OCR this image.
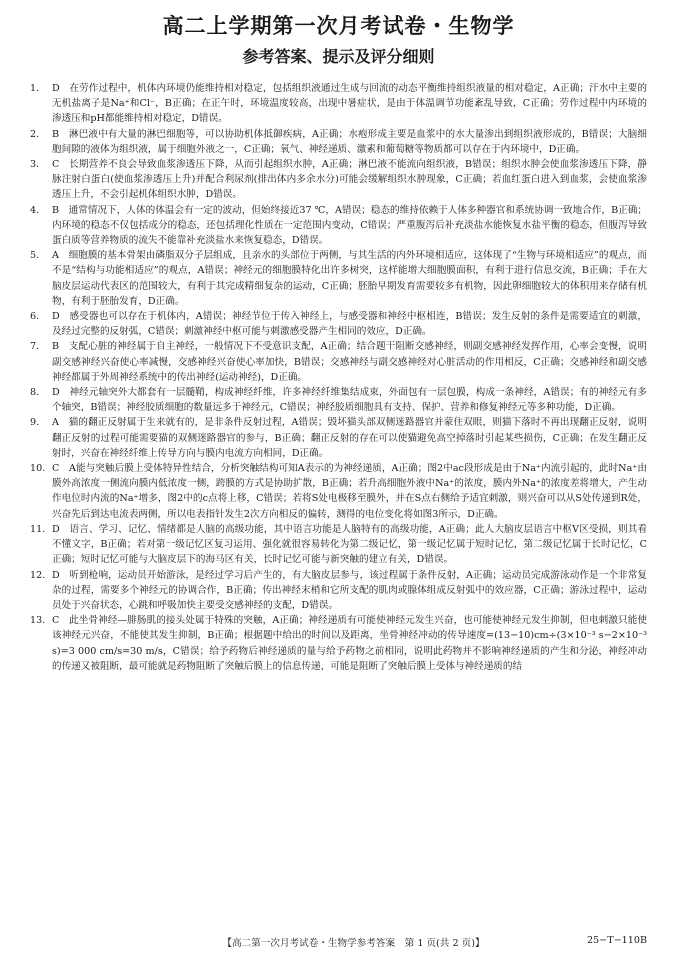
高二上学期第一次月考试卷・生物学
参考答案、提示及评分细则
1.	D　在劳作过程中，机体内环境仍能维持相对稳定，包括组织液通过生成与回流的动态平衡维持组织液量的相对稳定，A正确；汗水中主要的无机盐离子是Na⁺和Cl⁻，B正确；在正午时，环境温度较高，出现中暑症状，是由于体温调节功能紊乱导致，C正确；劳作过程中内环境的渗透压和pH都能维持相对稳定，D错误。
2.	B　淋巴液中有大量的淋巴细胞等，可以协助机体抵御疾病，A正确；水疱形成主要是血浆中的水大量渗出到组织液形成的，B错误；大脑细胞间隙的液体为组织液，属于细胞外液之一，C正确；氧气、神经递质、激素和葡萄糖等物质都可以存在于内环境中，D正确。
3.	C　长期营养不良会导致血浆渗透压下降，从而引起组织水肿，A正确；淋巴液不能流向组织液，B错误；组织水肿会使血浆渗透压下降，静脉注射白蛋白(使血浆渗透压上升)并配合利尿剂(排出体内多余水分)可能会缓解组织水肿现象，C正确；若血红蛋白进入到血浆，会使血浆渗透压上升，不会引起机体组织水肿，D错误。
4.	B　通常情况下，人体的体温会有一定的波动，但始终接近37 ℃，A错误；稳态的维持依赖于人体多种器官和系统协调一致地合作，B正确；内环境的稳态不仅包括成分的稳态，还包括理化性质在一定范围内变动，C错误；严重腹泻后补充淡盐水能恢复水盐平衡的稳态，但腹泻导致蛋白质等营养物质的流失不能靠补充淡盐水来恢复稳态，D错误。
5.	A　细胞膜的基本骨架由磷脂双分子层组成，且亲水的头部位于两侧，与其生活的内外环境相适应，这体现了“生物与环境相适应”的观点，而不是“结构与功能相适应”的观点，A错误；神经元的细胞膜特化出许多树突，这样能增大细胞膜面积，有利于进行信息交流，B正确；手在大脑皮层运动代表区的范围较大，有利于其完成精细复杂的运动，C正确；胚胎早期发育需要较多有机物，因此卵细胞较大的体积用来存储有机物，有利于胚胎发育，D正确。
6.	D　感受器也可以存在于机体内，A错误；神经节位于传入神经上，与感受器和神经中枢相连，B错误；发生反射的条件是需要适宜的刺激，及经过完整的反射弧，C错误；刺激神经中枢可能与刺激感受器产生相同的效应，D正确。
7.	B　支配心脏的神经属于自主神经，一般情况下不受意识支配，A正确；结合题干阻断交感神经，则副交感神经发挥作用，心率会变慢，说明副交感神经兴奋使心率减慢，交感神经兴奋使心率加快，B错误；交感神经与副交感神经对心脏活动的作用相反，C正确；交感神经和副交感神经都属于外周神经系统中的传出神经(运动神经)，D正确。
8.	D　神经元轴突外大都套有一层髓鞘，构成神经纤维，许多神经纤维集结成束，外面包有一层包膜，构成一条神经，A错误；有的神经元有多个轴突，B错误；神经胶质细胞的数量远多于神经元，C错误；神经胶质细胞具有支持、保护、营养和修复神经元等多种功能，D正确。
9.	A　猫的翻正反射属于生来就有的，是非条件反射过程，A错误；毁坏猫头部双侧迷路器官并蒙住双眼，则猫下落时不再出现翻正反射，说明翻正反射的过程可能需要猫的双侧迷路器官的参与，B正确；翻正反射的存在可以使猫避免高空掉落时引起某些损伤，C正确；在发生翻正反射时，兴奋在神经纤维上传导方向与膜内电流方向相同，D正确。
10. C　A能与突触后膜上受体特异性结合，分析突触结构可知A表示的为神经递质，A正确；图2中ac段形成是由于Na⁺内流引起的，此时Na⁺由膜外高浓度一侧流向膜内低浓度一侧，跨膜的方式是协助扩散，B正确；若升高细胞外液中Na⁺的浓度，膜内外Na⁺的浓度差将增大，产生动作电位时内流的Na⁺增多，图2中的c点将上移，C错误；若将S处电极移至膜外，并在S点右侧给予适宜刺激，则兴奋可以从S处传递到R处，兴奋先后到达电流表两侧，所以电表指针发生2次方向相反的偏转，测得的电位变化将如图3所示，D正确。
11. D　语言、学习、记忆、情绪都是人脑的高级功能，其中语言功能是人脑特有的高级功能，A正确；此人大脑皮层语言中枢V区受损，则其看不懂文字，B正确；若对第一级记忆区复习运用、强化就很容易转化为第二级记忆，第一级记忆属于短时记忆，第二级记忆属于长时记忆，C正确；短时记忆可能与大脑皮层下的海马区有关，长时记忆可能与新突触的建立有关，D错误。
12. D　听到枪响，运动员开始游泳，是经过学习后产生的，有大脑皮层参与，该过程属于条件反射，A正确；运动员完成游泳动作是一个非常复杂的过程，需要多个神经元的协调合作，B正确；传出神经末梢和它所支配的肌肉或腺体组成反射弧中的效应器，C正确；游泳过程中，运动员处于兴奋状态，心跳和呼吸加快主要受交感神经的支配，D错误。
13. C　此坐骨神经—腓肠肌的接头处属于特殊的突触，A正确；神经递质有可能使神经元发生兴奋，也可能使神经元发生抑制，但电刺激只能使该神经元兴奋，不能使其发生抑制，B正确；根据题中给出的时间以及距离，坐骨神经冲动的传导速度=(13−10)cm÷(3×10⁻³ s−2×10⁻³ s)=3 000 cm/s=30 m/s，C错误；给予药物后神经递质的量与给予药物之前相同，说明此药物并不影响神经递质的产生和分泌，神经冲动的传递又被阻断，最可能就是药物阻断了突触后膜上的信息传递，可能是阻断了突触后膜上受体与神经递质的结
【高二第一次月考试卷・生物学参考答案　第 1 页(共 2 页)】	25−T−110B
